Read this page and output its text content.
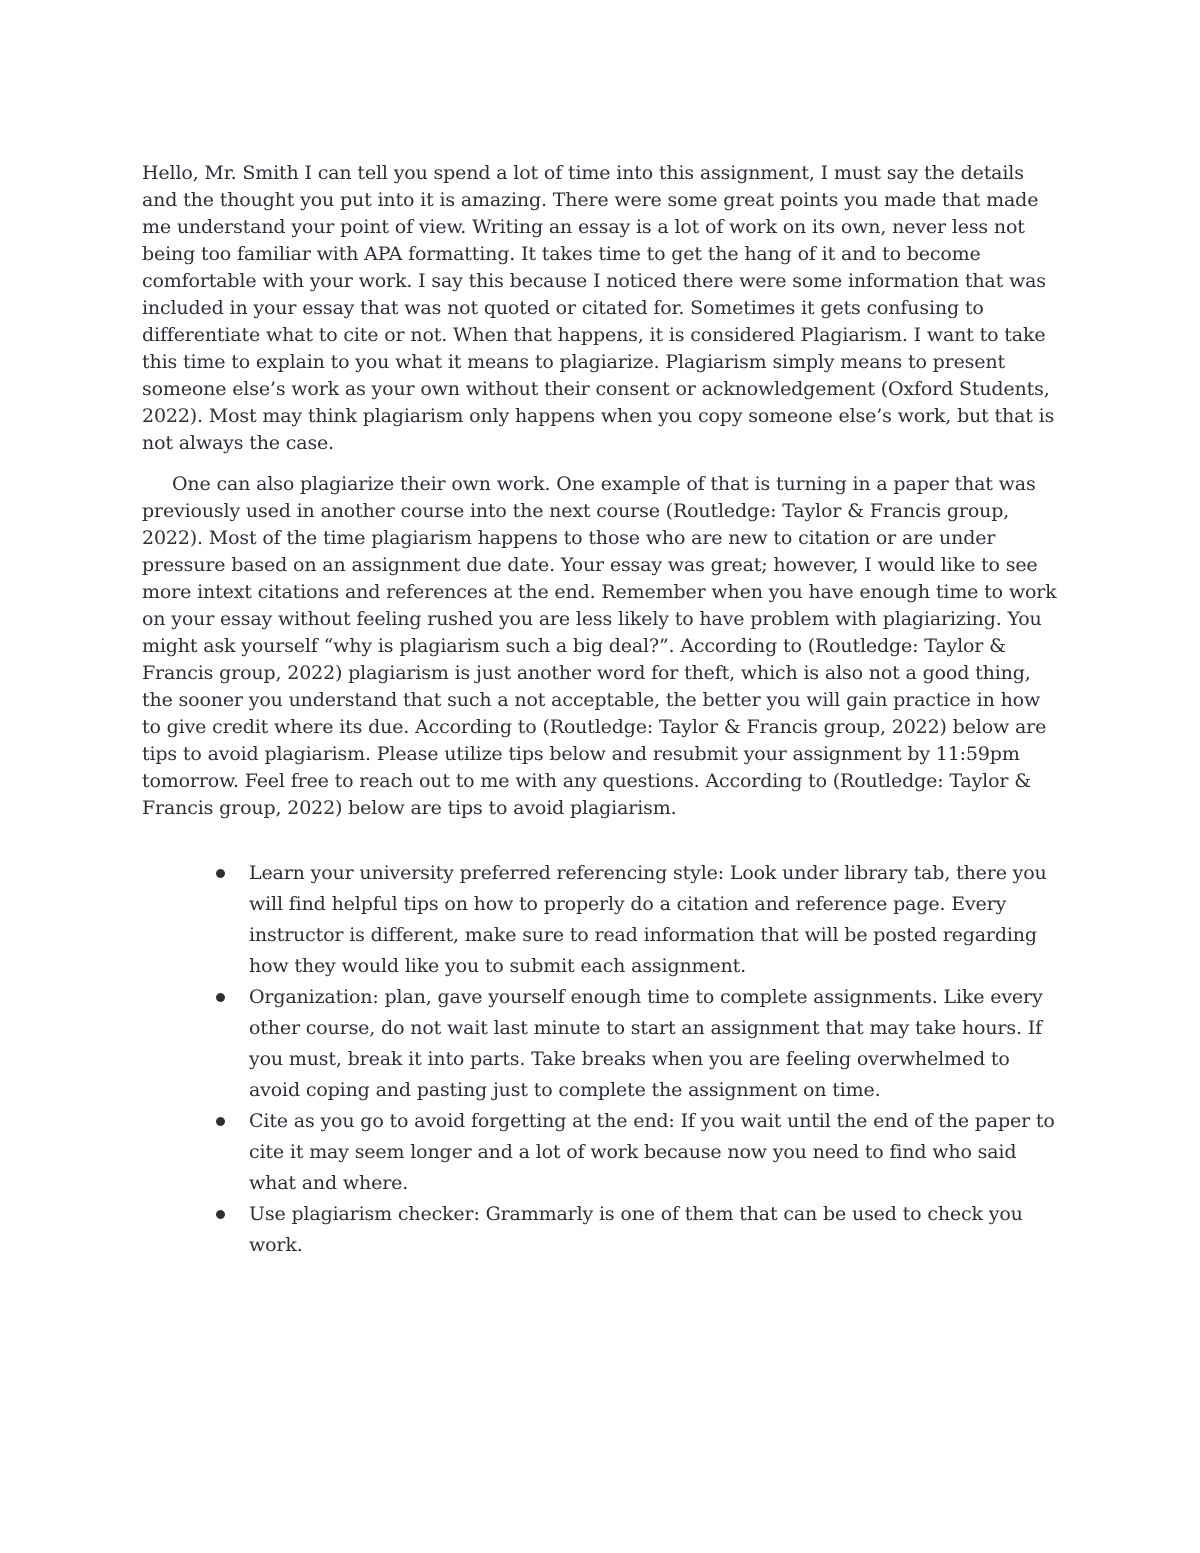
Hello, Mr. Smith I can tell you spend a lot of time into this assignment, I must say the details and the thought you put into it is amazing. There were some great points you made that made me understand your point of view. Writing an essay is a lot of work on its own, never less not being too familiar with APA formatting. It takes time to get the hang of it and to become comfortable with your work. I say this because I noticed there were some information that was included in your essay that was not quoted or citated for. Sometimes it gets confusing to differentiate what to cite or not. When that happens, it is considered Plagiarism. I want to take this time to explain to you what it means to plagiarize. Plagiarism simply means to present someone else’s work as your own without their consent or acknowledgement (Oxford Students, 2022). Most may think plagiarism only happens when you copy someone else’s work, but that is not always the case.

One can also plagiarize their own work. One example of that is turning in a paper that was previously used in another course into the next course (Routledge: Taylor & Francis group, 2022). Most of the time plagiarism happens to those who are new to citation or are under pressure based on an assignment due date. Your essay was great; however, I would like to see more intext citations and references at the end. Remember when you have enough time to work on your essay without feeling rushed you are less likely to have problem with plagiarizing. You might ask yourself “why is plagiarism such a big deal?”. According to (Routledge: Taylor & Francis group, 2022) plagiarism is just another word for theft, which is also not a good thing, the sooner you understand that such a not acceptable, the better you will gain practice in how to give credit where its due. According to (Routledge: Taylor & Francis group, 2022) below are tips to avoid plagiarism. Please utilize tips below and resubmit your assignment by 11:59pm tomorrow. Feel free to reach out to me with any questions. According to (Routledge: Taylor & Francis group, 2022) below are tips to avoid plagiarism.

Learn your university preferred referencing style: Look under library tab, there you will find helpful tips on how to properly do a citation and reference page. Every instructor is different, make sure to read information that will be posted regarding how they would like you to submit each assignment.
Organization: plan, gave yourself enough time to complete assignments. Like every other course, do not wait last minute to start an assignment that may take hours. If you must, break it into parts. Take breaks when you are feeling overwhelmed to avoid coping and pasting just to complete the assignment on time.
Cite as you go to avoid forgetting at the end: If you wait until the end of the paper to cite it may seem longer and a lot of work because now you need to find who said what and where.
Use plagiarism checker: Grammarly is one of them that can be used to check you work.
